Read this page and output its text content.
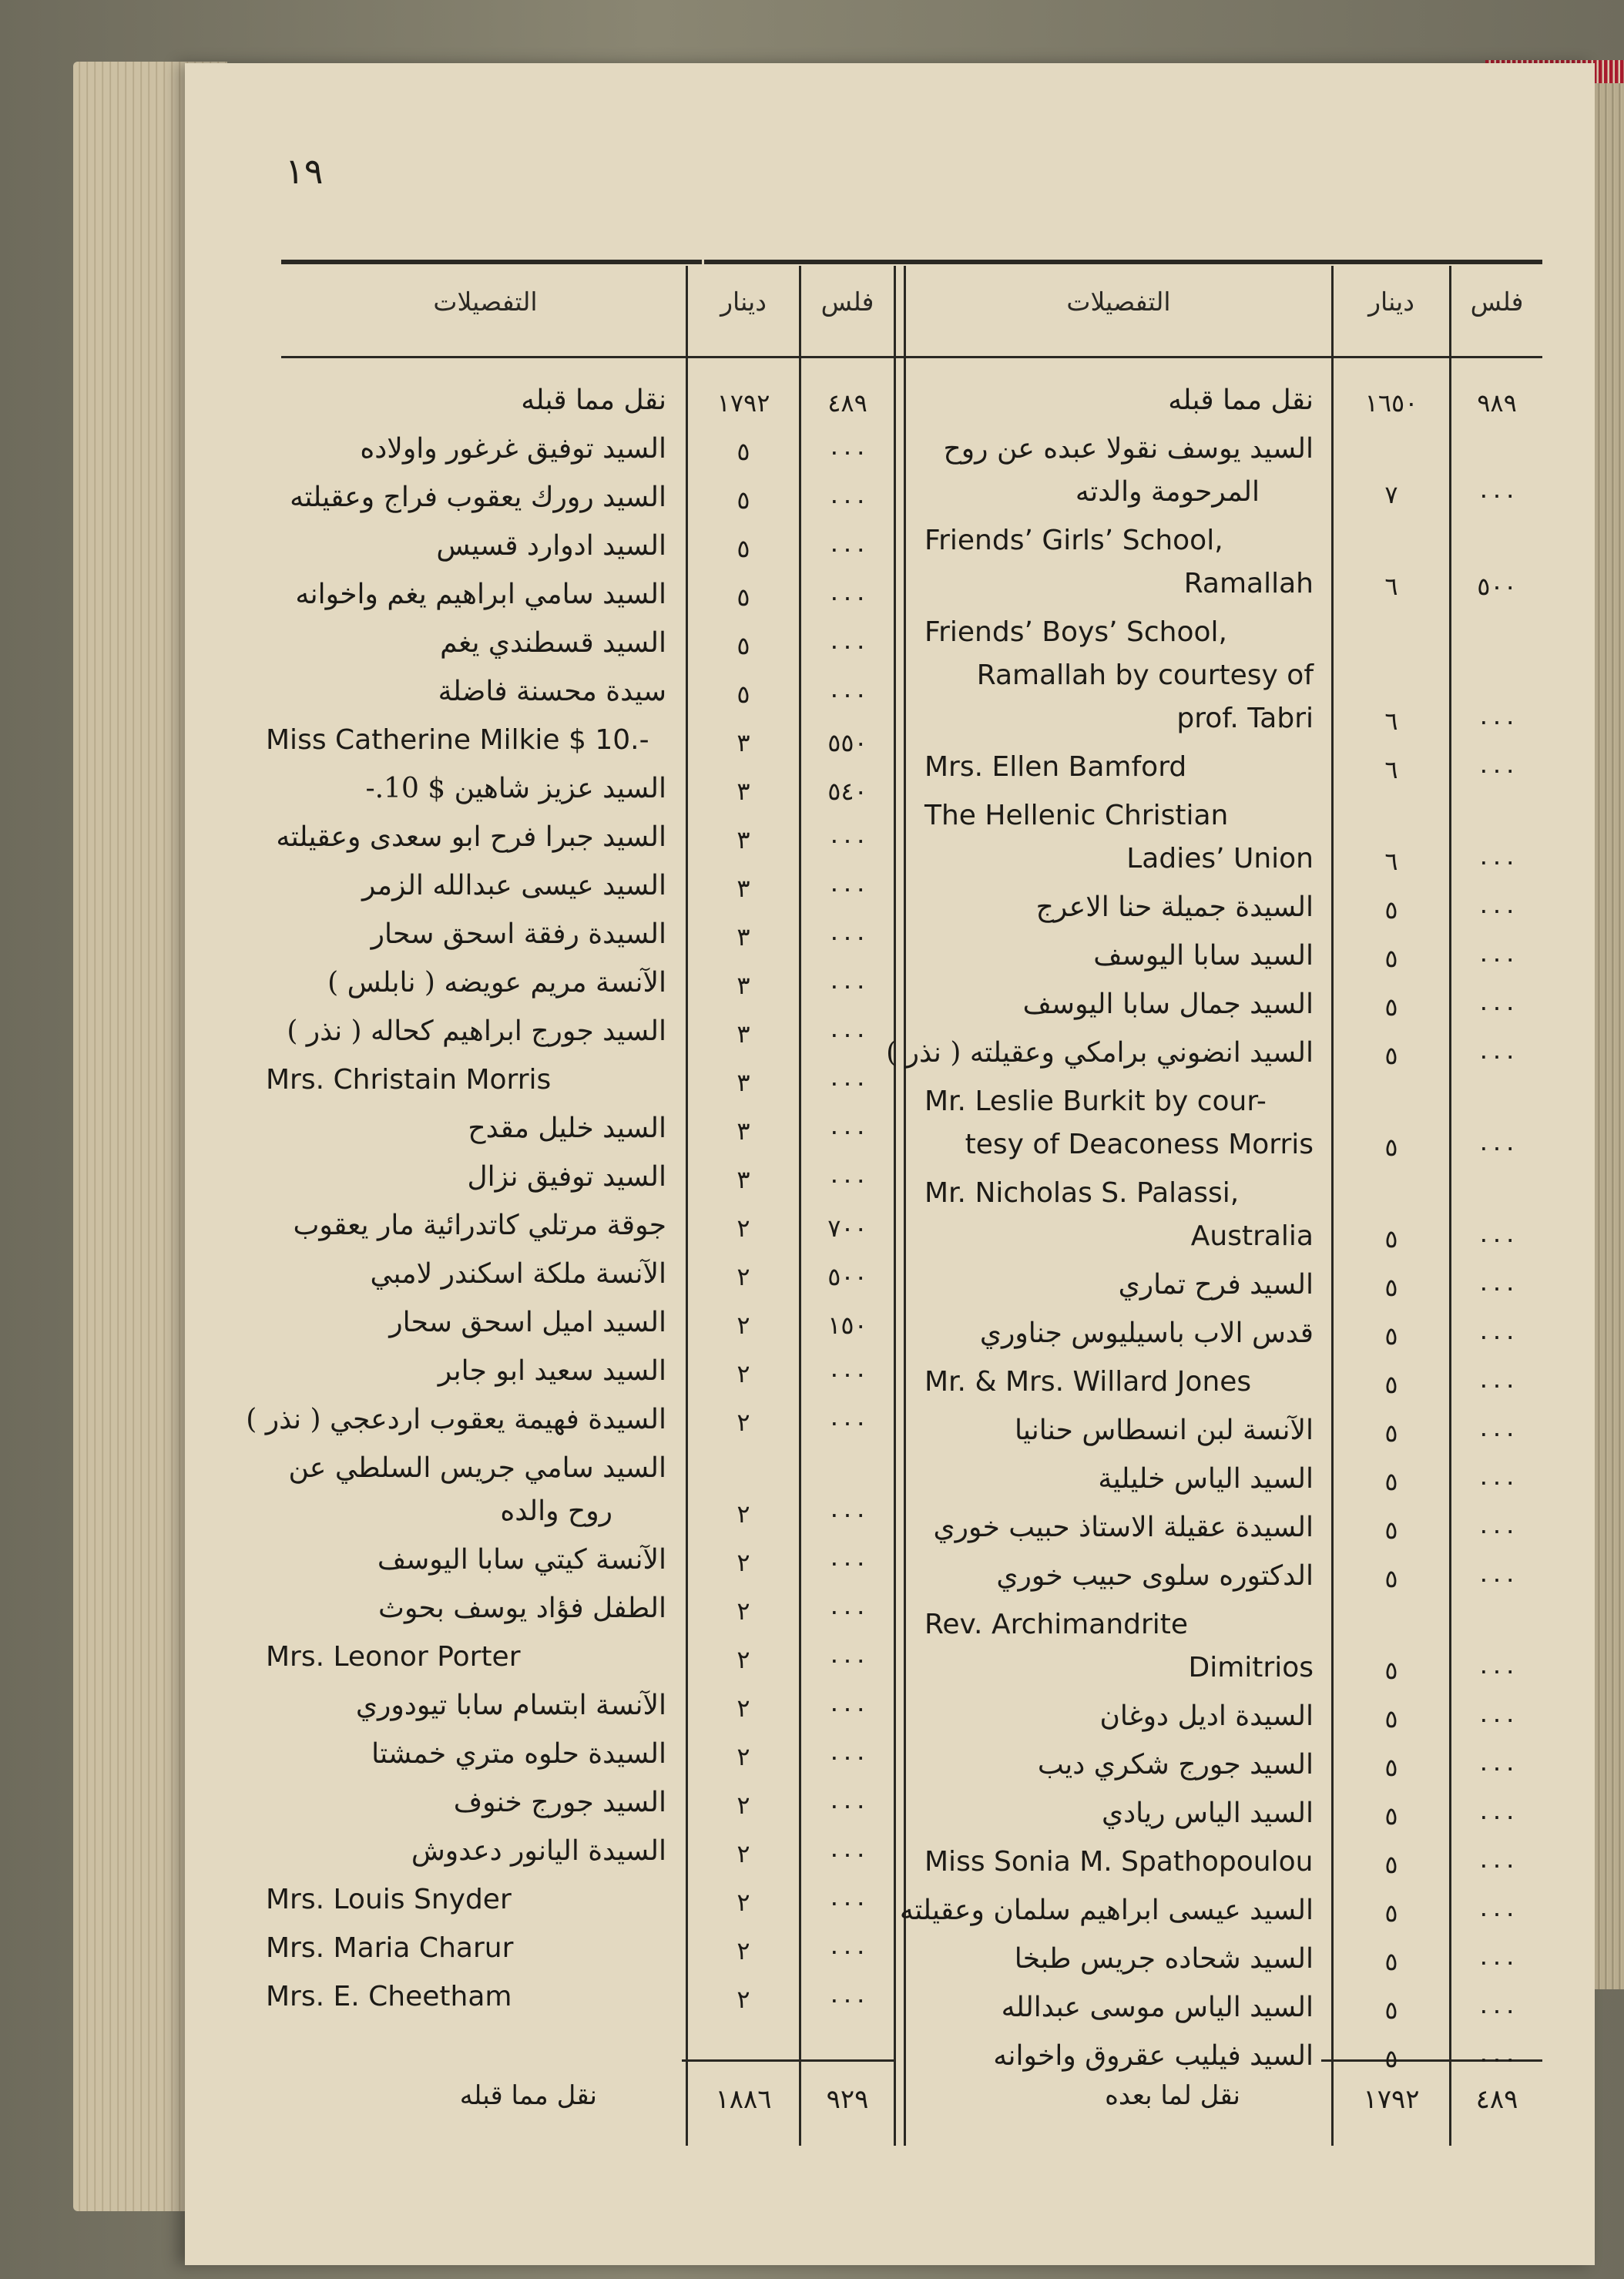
١٩
التفصيلات	دينار	فلس	التفصيلات	دينار	فلس
نقل مما قبله	١٧٩٢	٤٨٩
السيد توفيق غرغور واولاده	٥	٠٠٠
السيد رورك يعقوب فراج وعقيلته	٥	٠٠٠
السيد ادوارد قسيس	٥	٠٠٠
السيد سامي ابراهيم يغم واخوانه	٥	٠٠٠
السيد قسطندي يغم	٥	٠٠٠
سيدة محسنة فاضلة	٥	٠٠٠
Miss Catherine Milkie $ 10.-	٣	٥٥٠
السيد عزيز شاهين $ 10.-	٣	٥٤٠
السيد جبرا فرح ابو سعدى وعقيلته	٣	٠٠٠
السيد عيسى عبدالله الزمر	٣	٠٠٠
السيدة رفقة اسحق سحار	٣	٠٠٠
الآنسة مريم عويضه ( نابلس )	٣	٠٠٠
السيد جورج ابراهيم كحاله ( نذر )	٣	٠٠٠
Mrs. Christain Morris	٣	٠٠٠
السيد خليل مقدح	٣	٠٠٠
السيد توفيق نزال	٣	٠٠٠
جوقة مرتلي كاتدرائية مار يعقوب	٢	٧٠٠
الآنسة ملكة اسكندر لامبي	٢	٥٠٠
السيد اميل اسحق سحار	٢	١٥٠
السيد سعيد ابو جابر	٢	٠٠٠
السيدة فهيمة يعقوب اردعجي ( نذر )	٢	٠٠٠
السيد سامي جريس السلطي عن
روح والده	٢	٠٠٠
الآنسة كيتي سابا اليوسف	٢	٠٠٠
الطفل فؤاد يوسف بحوث	٢	٠٠٠
Mrs. Leonor Porter	٢	٠٠٠
الآنسة ابتسام سابا تيودوري	٢	٠٠٠
السيدة حلوه متري خمشتا	٢	٠٠٠
السيد جورج خنوف	٢	٠٠٠
السيدة اليانور دعدوش	٢	٠٠٠
Mrs. Louis Snyder	٢	٠٠٠
Mrs. Maria Charur	٢	٠٠٠
Mrs. E. Cheetham	٢	٠٠٠
نقل مما قبله	١٦٥٠	٩٨٩
السيد يوسف نقولا عبده عن روح
المرحومة والدته	٧	٠٠٠
Friends’ Girls’ School,
Ramallah	٦	٥٠٠
Friends’ Boys’ School,
Ramallah by courtesy of
prof. Tabri	٦	٠٠٠
Mrs. Ellen Bamford	٦	٠٠٠
The Hellenic Christian
Ladies’ Union	٦	٠٠٠
السيدة جميلة حنا الاعرج	٥	٠٠٠
السيد سابا اليوسف	٥	٠٠٠
السيد جمال سابا اليوسف	٥	٠٠٠
السيد انضوني برامكي وعقيلته ( نذر )	٥	٠٠٠
Mr. Leslie Burkit by cour-
tesy of Deaconess Morris	٥	٠٠٠
Mr. Nicholas S. Palassi,
Australia	٥	٠٠٠
السيد فرح تماري	٥	٠٠٠
قدس الاب باسيليوس جناوري	٥	٠٠٠
Mr. & Mrs. Willard Jones	٥	٠٠٠
الآنسة لبن انسطاس حنانيا	٥	٠٠٠
السيد الياس خليلية	٥	٠٠٠
السيدة عقيلة الاستاذ حبيب خوري	٥	٠٠٠
الدكتوره سلوى حبيب خوري	٥	٠٠٠
Rev. Archimandrite
Dimitrios	٥	٠٠٠
السيدة اديل دوغان	٥	٠٠٠
السيد جورج شكري ديب	٥	٠٠٠
السيد الياس ريادي	٥	٠٠٠
Miss Sonia M. Spathopoulou	٥	٠٠٠
السيد عيسى ابراهيم سلمان وعقيلته	٥	٠٠٠
السيد شحاده جريس طبخا	٥	٠٠٠
السيد الياس موسى عبدالله	٥	٠٠٠
السيد فيليب عقروق واخوانه	٥	٠٠٠
نقل مما قبله	١٨٨٦	٩٢٩	نقل لما بعده	١٧٩٢	٤٨٩
